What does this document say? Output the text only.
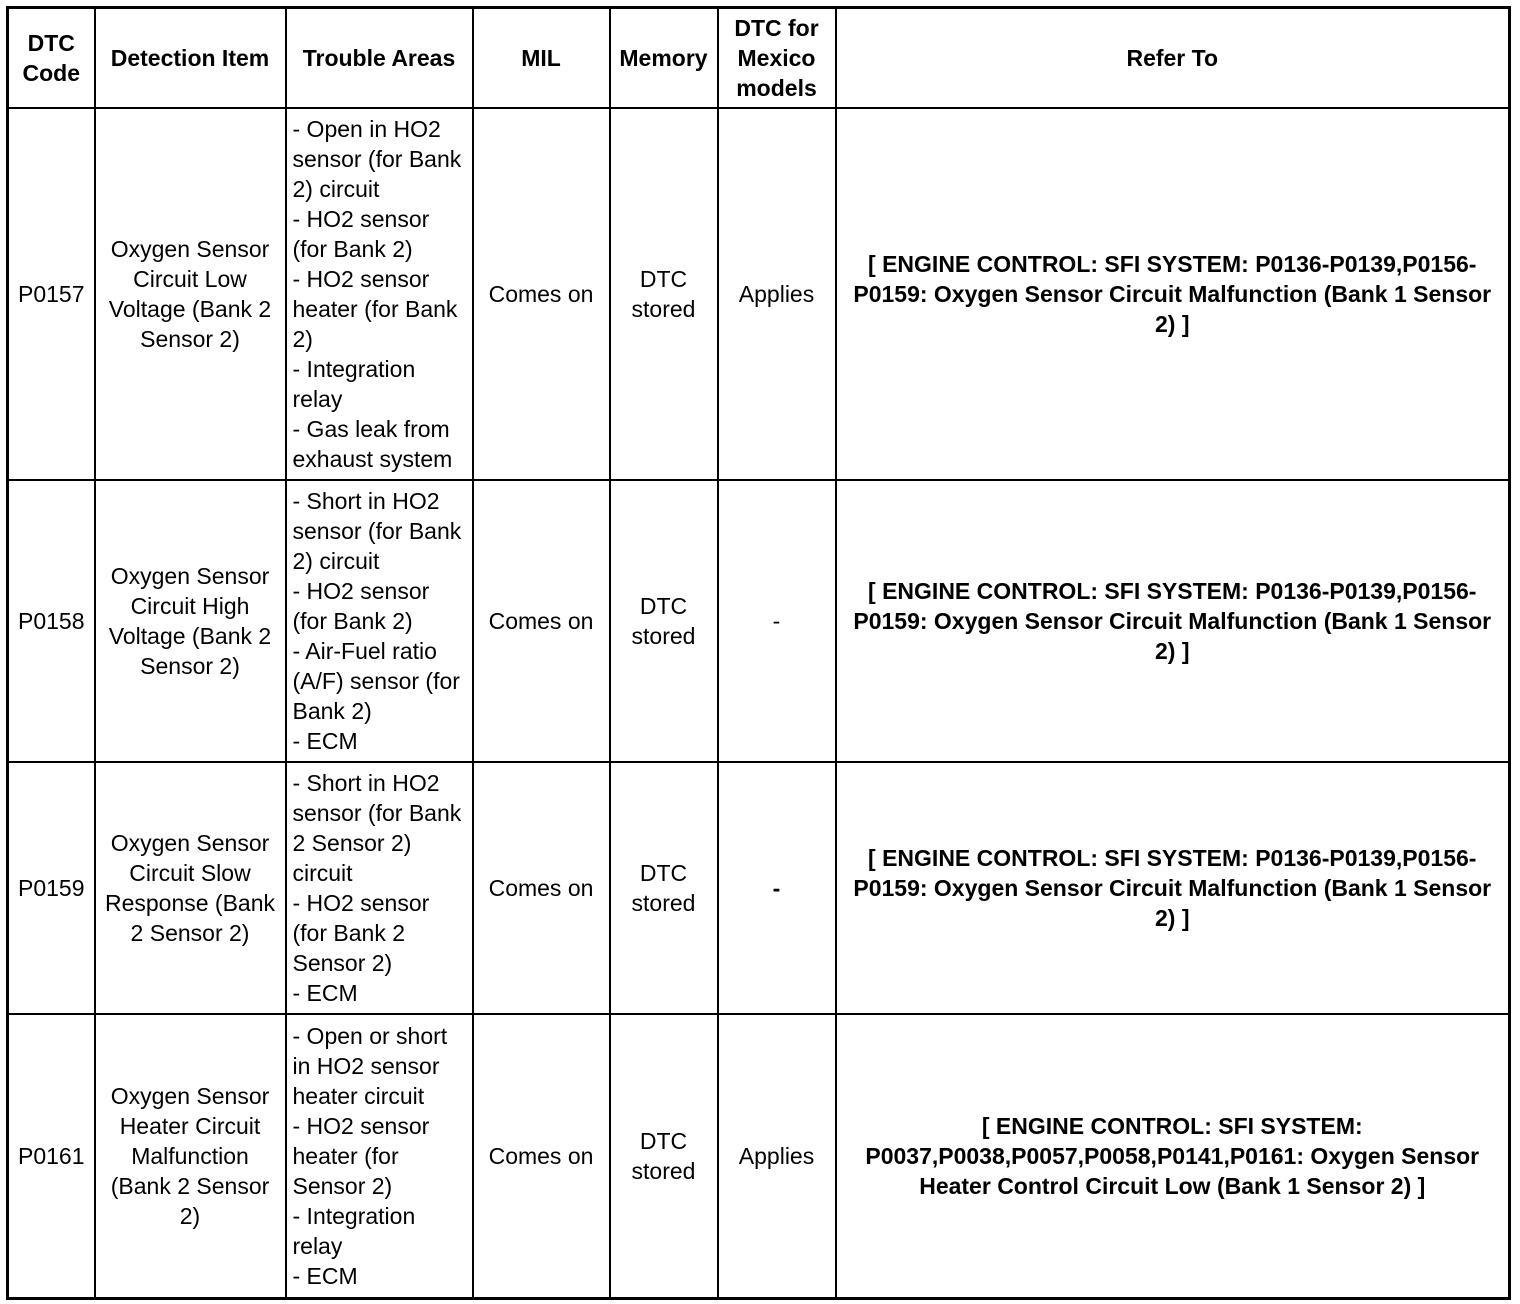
DTC Code	Detection Item	Trouble Areas	MIL	Memory	DTC for Mexico models	Refer To
P0157	Oxygen Sensor Circuit Low Voltage (Bank 2 Sensor 2)	- Open in HO2 sensor (for Bank 2) circuit
- HO2 sensor (for Bank 2)
- HO2 sensor heater (for Bank 2)
- Integration relay
- Gas leak from exhaust system	Comes on	DTC stored	Applies	[ ENGINE CONTROL: SFI SYSTEM: P0136-P0139,P0156-P0159: Oxygen Sensor Circuit Malfunction (Bank 1 Sensor 2) ]
P0158	Oxygen Sensor Circuit High Voltage (Bank 2 Sensor 2)	- Short in HO2 sensor (for Bank 2) circuit
- HO2 sensor (for Bank 2)
- Air-Fuel ratio (A/F) sensor (for Bank 2)
- ECM	Comes on	DTC stored	-	[ ENGINE CONTROL: SFI SYSTEM: P0136-P0139,P0156-P0159: Oxygen Sensor Circuit Malfunction (Bank 1 Sensor 2) ]
P0159	Oxygen Sensor Circuit Slow Response (Bank 2 Sensor 2)	- Short in HO2 sensor (for Bank 2 Sensor 2) circuit
- HO2 sensor (for Bank 2 Sensor 2)
- ECM	Comes on	DTC stored	-	[ ENGINE CONTROL: SFI SYSTEM: P0136-P0139,P0156-P0159: Oxygen Sensor Circuit Malfunction (Bank 1 Sensor 2) ]
P0161	Oxygen Sensor Heater Circuit Malfunction (Bank 2 Sensor 2)	- Open or short in HO2 sensor heater circuit
- HO2 sensor heater (for Sensor 2)
- Integration relay
- ECM	Comes on	DTC stored	Applies	[ ENGINE CONTROL: SFI SYSTEM: P0037,P0038,P0057,P0058,P0141,P0161: Oxygen Sensor Heater Control Circuit Low (Bank 1 Sensor 2) ]
